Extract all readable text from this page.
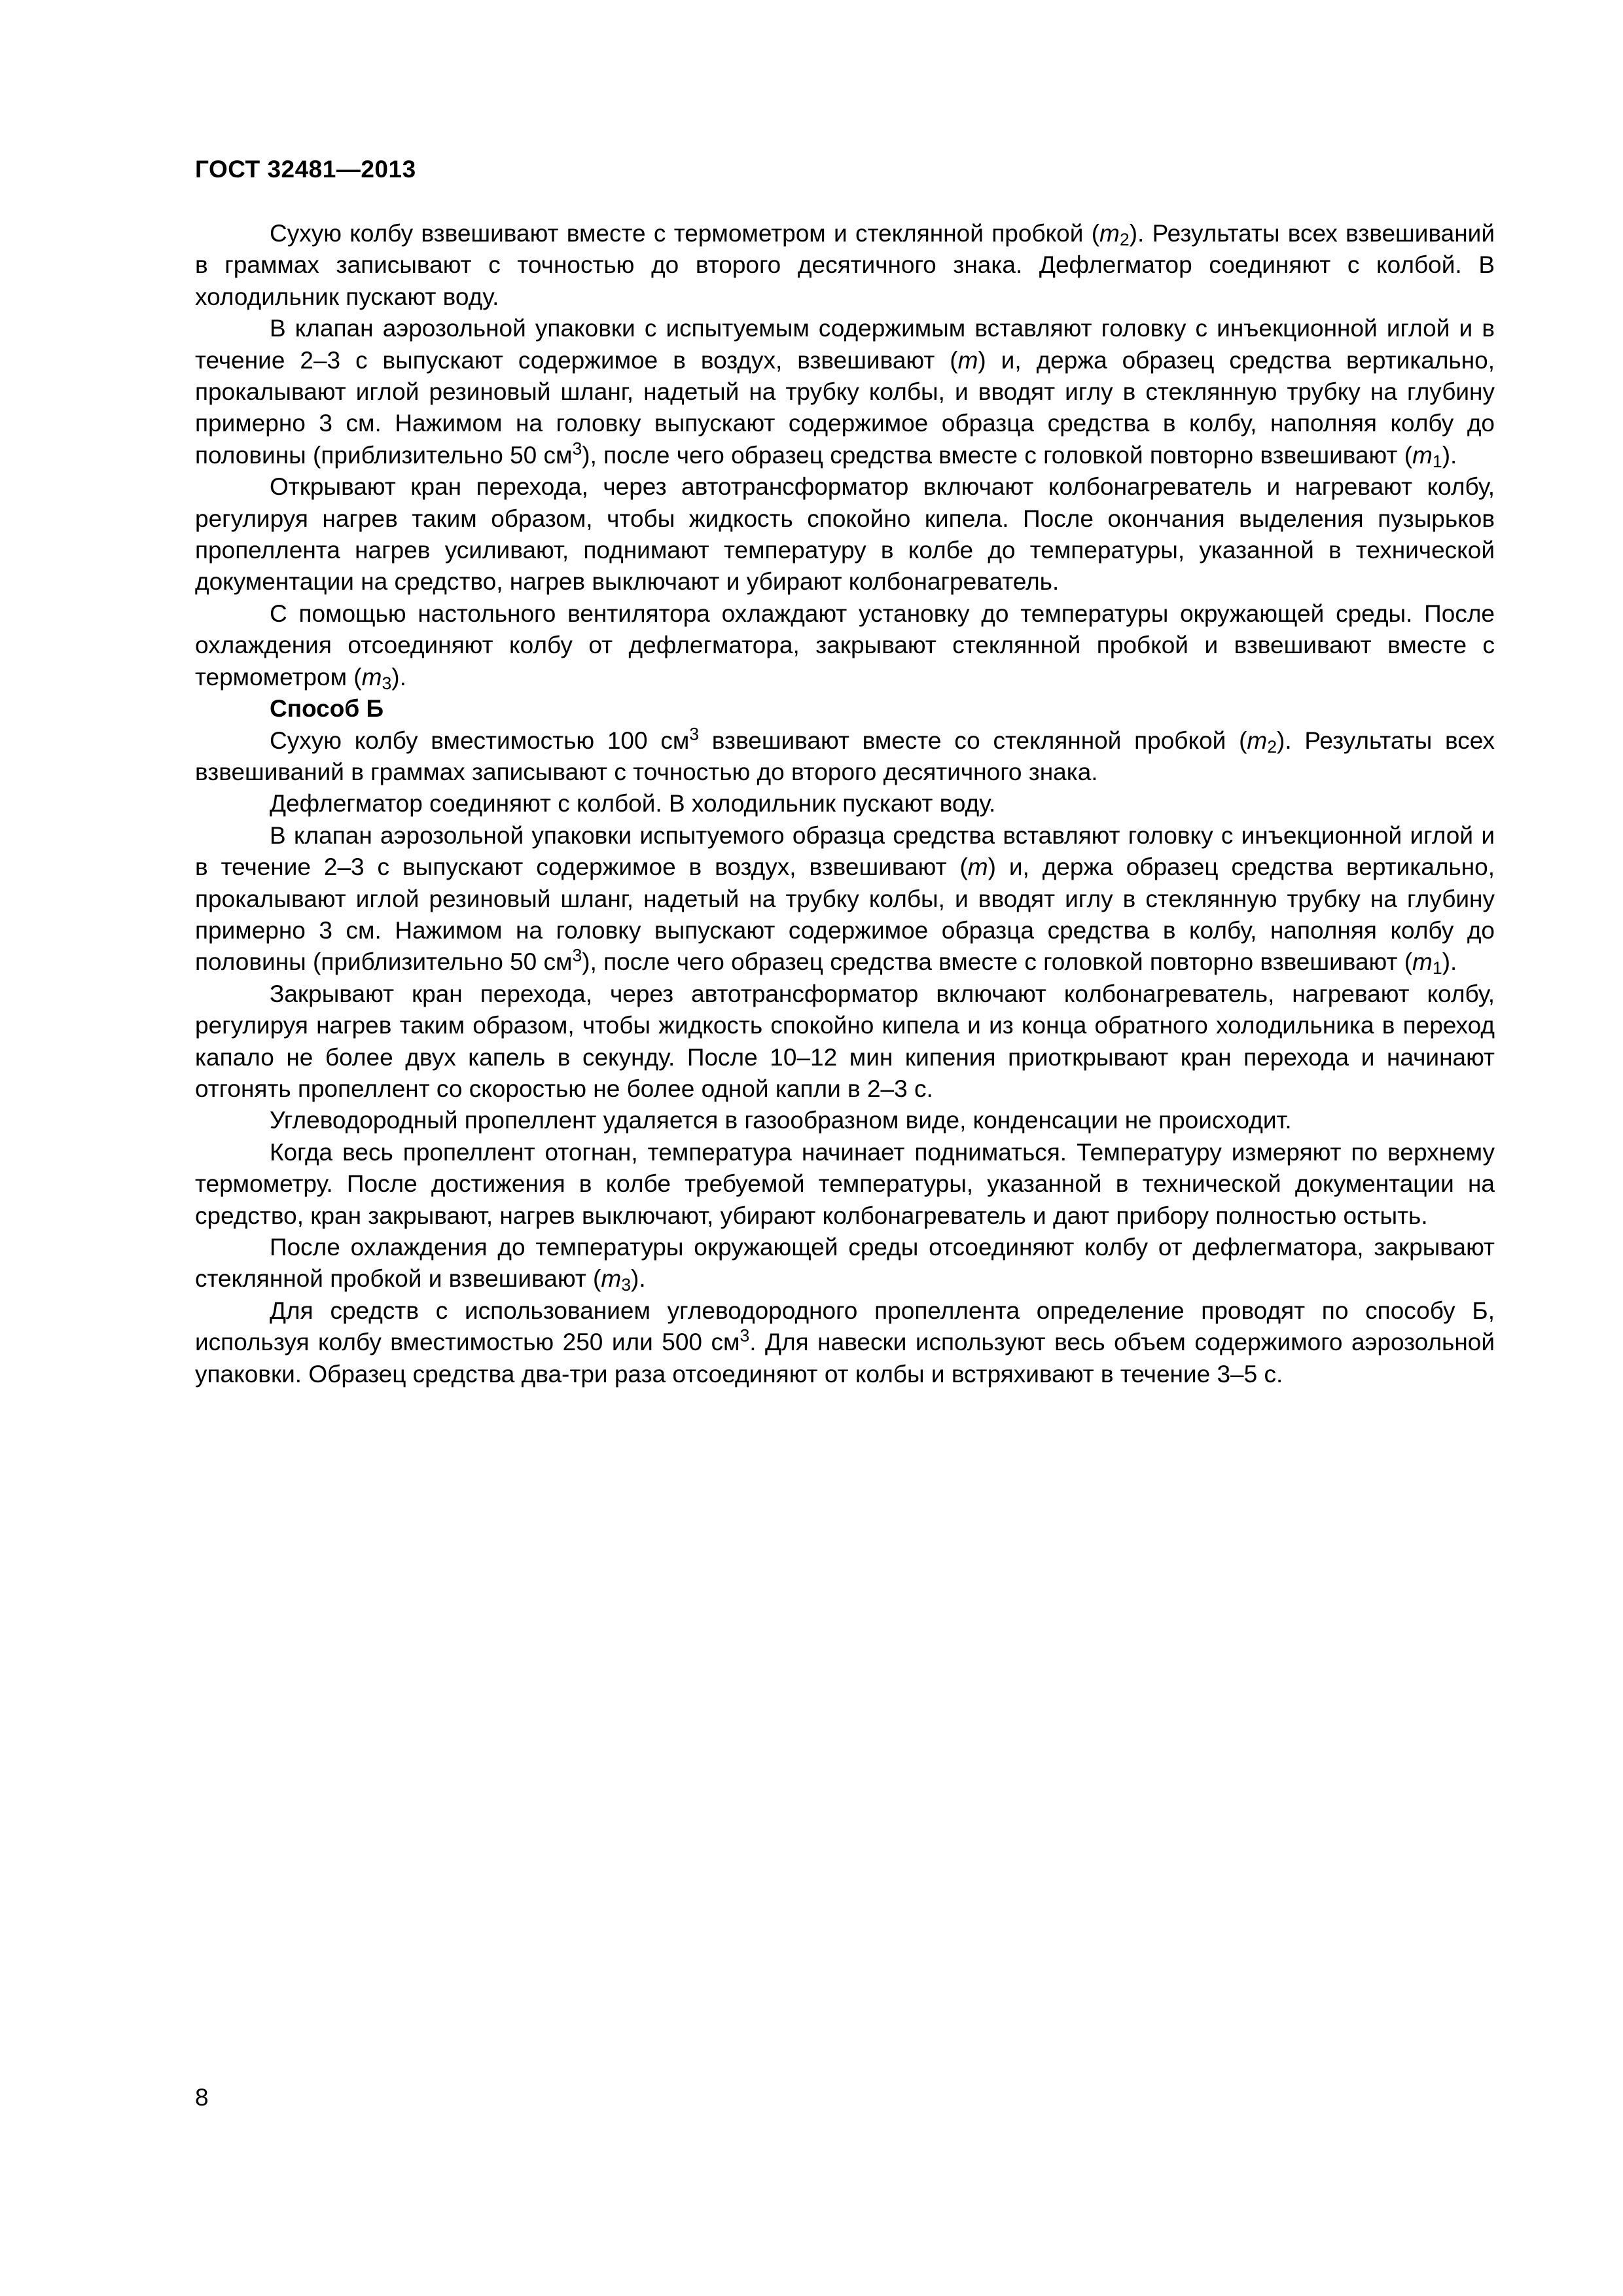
ГОСТ 32481—2013

Сухую колбу взвешивают вместе с термометром и стеклянной пробкой $(m_2)$. Результаты всех взвешиваний в граммах записывают с точностью до второго десятичного знака. Дефлегматор соединяют с колбой. В холодильник пускают воду.

В клапан аэрозольной упаковки с испытуемым содержимым вставляют головку с инъекционной иглой и в течение 2–3 с выпускают содержимое в воздух, взвешивают (m) и, держа образец средства вертикально, прокалывают иглой резиновый шланг, надетый на трубку колбы, и вводят иглу в стеклянную трубку на глубину примерно 3 см. Нажимом на головку выпускают содержимое образца средства в колбу, наполняя колбу до половины (приблизительно 50 $см^3$), после чего образец средства вместе с головкой повторно взвешивают $(m_1)$.

Открывают кран перехода, через автотрансформатор включают колбонагреватель и нагревают колбу, регулируя нагрев таким образом, чтобы жидкость спокойно кипела. После окончания выделения пузырьков пропеллента нагрев усиливают, поднимают температуру в колбе до температуры, указанной в технической документации на средство, нагрев выключают и убирают колбонагреватель.

С помощью настольного вентилятора охлаждают установку до температуры окружающей среды. После охлаждения отсоединяют колбу от дефлегматора, закрывают стеклянной пробкой и взвешивают вместе с термометром $(m_3)$.

Способ Б

Сухую колбу вместимостью 100 $см^3$ взвешивают вместе со стеклянной пробкой $(m_2)$. Результаты всех взвешиваний в граммах записывают с точностью до второго десятичного знака.

Дефлегматор соединяют с колбой. В холодильник пускают воду.

В клапан аэрозольной упаковки испытуемого образца средства вставляют головку с инъекционной иглой и в течение 2–3 с выпускают содержимое в воздух, взвешивают (m) и, держа образец средства вертикально, прокалывают иглой резиновый шланг, надетый на трубку колбы, и вводят иглу в стеклянную трубку на глубину примерно 3 см. Нажимом на головку выпускают содержимое образца средства в колбу, наполняя колбу до половины (приблизительно 50 $см^3$), после чего образец средства вместе с головкой повторно взвешивают $(m_1)$.

Закрывают кран перехода, через автотрансформатор включают колбонагреватель, нагревают колбу, регулируя нагрев таким образом, чтобы жидкость спокойно кипела и из конца обратного холодильника в переход капало не более двух капель в секунду. После 10–12 мин кипения приоткрывают кран перехода и начинают отгонять пропеллент со скоростью не более одной капли в 2–3 с.

Углеводородный пропеллент удаляется в газообразном виде, конденсации не происходит.

Когда весь пропеллент отогнан, температура начинает подниматься. Температуру измеряют по верхнему термометру. После достижения в колбе требуемой температуры, указанной в технической документации на средство, кран закрывают, нагрев выключают, убирают колбонагреватель и дают прибору полностью остыть.

После охлаждения до температуры окружающей среды отсоединяют колбу от дефлегматора, закрывают стеклянной пробкой и взвешивают $(m_3)$.

Для средств с использованием углеводородного пропеллента определение проводят по способу Б, используя колбу вместимостью 250 или 500 $см^3$. Для навески используют весь объем содержимого аэрозольной упаковки. Образец средства два-три раза отсоединяют от колбы и встряхивают в течение 3–5 с.

8
